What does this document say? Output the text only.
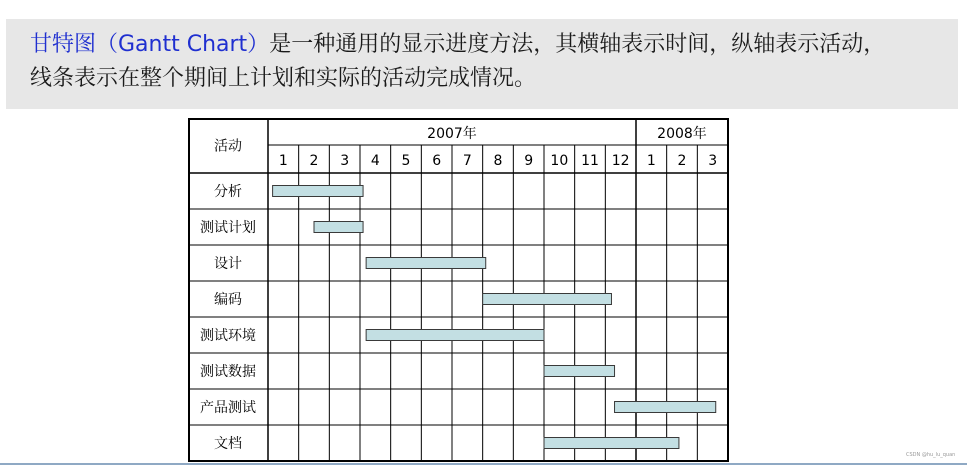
甘特图（Gantt Chart）是一种通用的显示进度方法，其横轴表示时间，纵轴表示活动，
线条表示在整个期间上计划和实际的活动完成情况。
2007年	2008年
1 2 3 4 5 6 7 8 9 10 11 12 1 2 3
活动
分析
测试计划
设计
编码
测试环境
测试数据
产品测试
文档
CSDN @hu_lu_quan
